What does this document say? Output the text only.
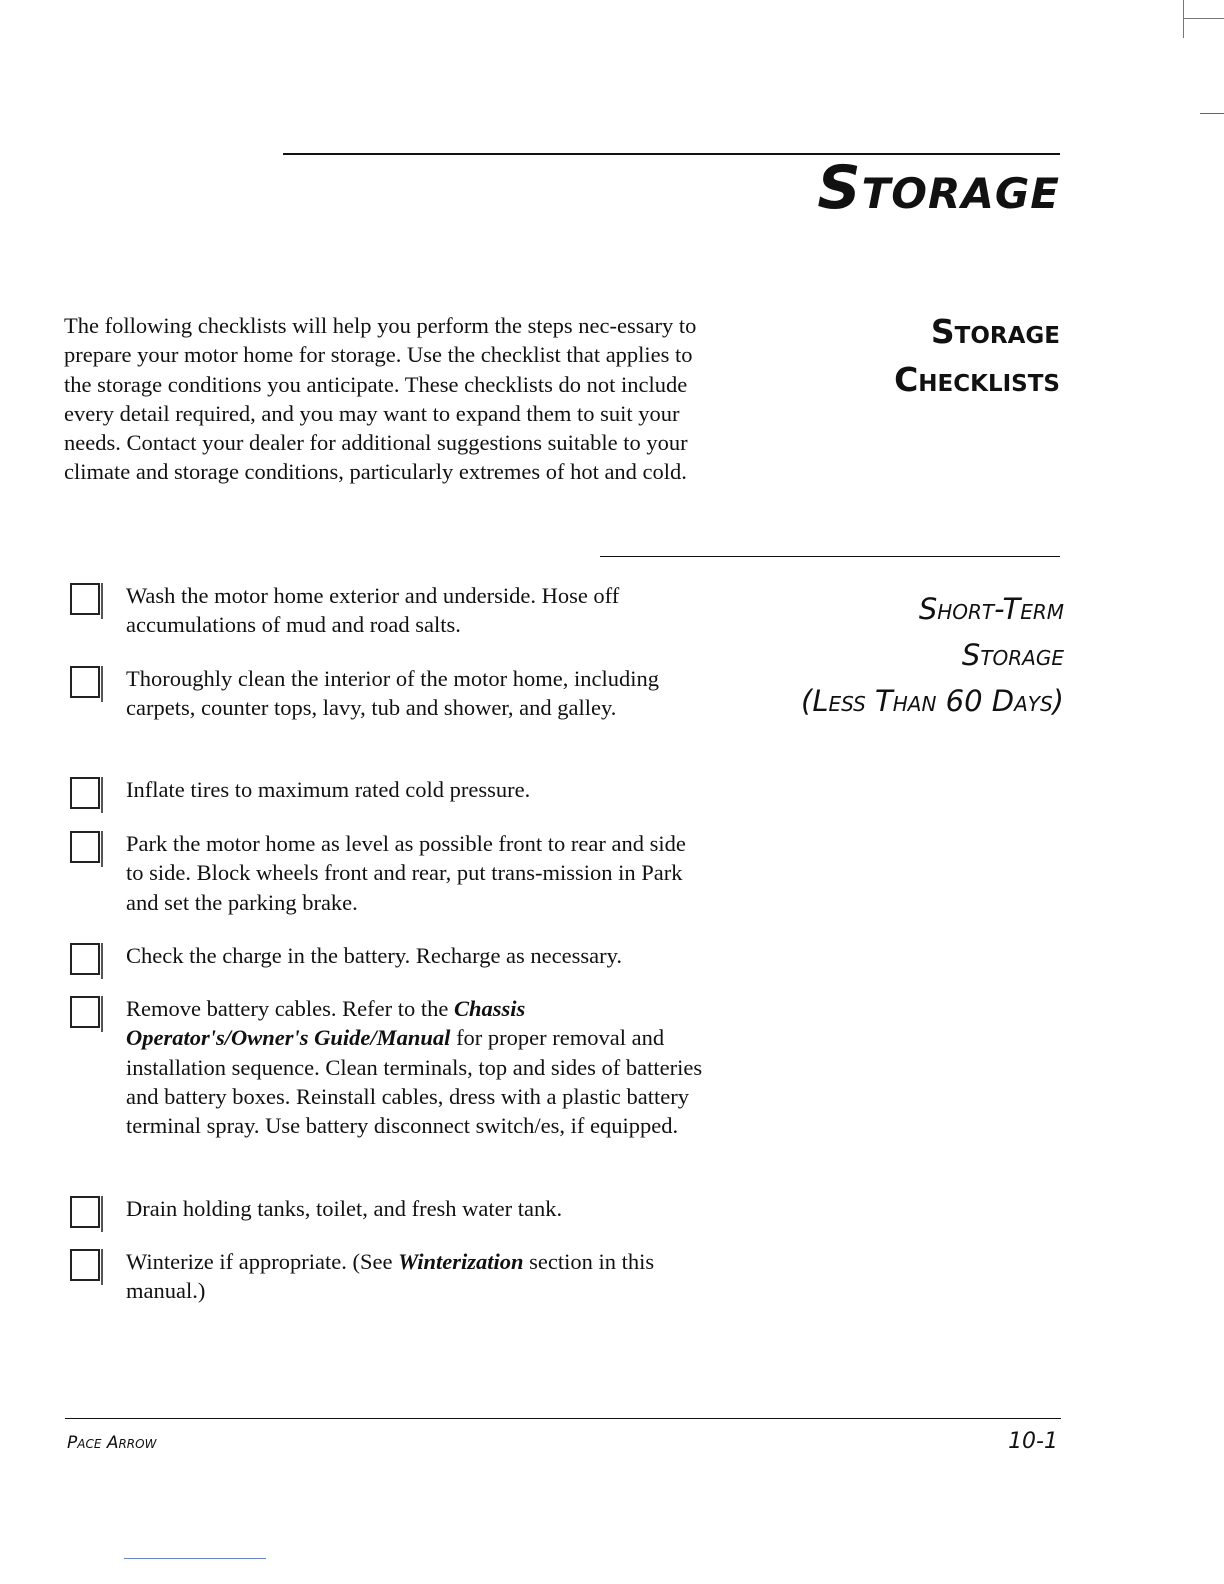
Storage
Storage
Checklists

The following checklists will help you perform the steps nec-essary to prepare your motor home for storage. Use the checklist that applies to the storage conditions you anticipate. These checklists do not include every detail required, and you may want to expand them to suit your needs. Contact your dealer for additional suggestions suitable to your climate and storage conditions, particularly extremes of hot and cold.

Short-Term
Storage
(Less Than 60 Days)
Wash the motor home exterior and underside. Hose off accumulations of mud and road salts.
Thoroughly clean the interior of the motor home, including carpets, counter tops, lavy, tub and shower, and galley.
Inflate tires to maximum rated cold pressure.
Park the motor home as level as possible front to rear and side to side. Block wheels front and rear, put trans-mission in Park and set the parking brake.
Check the charge in the battery. Recharge as necessary.
Remove battery cables. Refer to the Chassis Operator's/Owner's Guide/Manual for proper removal and installation sequence. Clean terminals, top and sides of batteries and battery boxes. Reinstall cables, dress with a plastic battery terminal spray. Use battery disconnect switch/es, if equipped.
Drain holding tanks, toilet, and fresh water tank.
Winterize if appropriate. (See Winterization section in this manual.)
Pace Arrow	10-1
